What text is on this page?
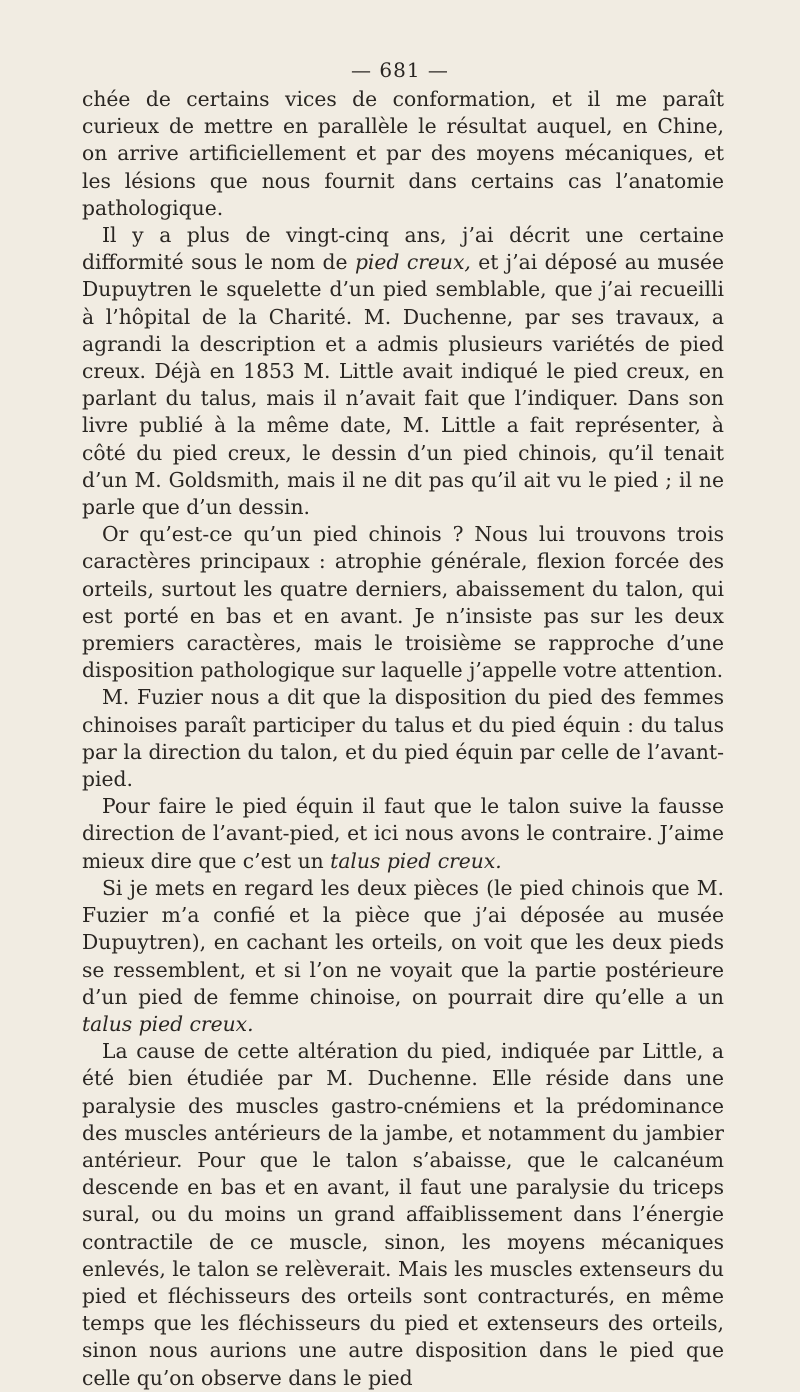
— 681 —

chée de certains vices de conformation, et il me paraît curieux de mettre en parallèle le résultat auquel, en Chine, on arrive artificiellement et par des moyens mécaniques, et les lésions que nous fournit dans certains cas l’anatomie pathologique.

Il y a plus de vingt-cinq ans, j’ai décrit une certaine difformité sous le nom de pied creux, et j’ai déposé au musée Dupuytren le squelette d’un pied semblable, que j’ai recueilli à l’hôpital de la Charité. M. Duchenne, par ses travaux, a agrandi la description et a admis plusieurs variétés de pied creux. Déjà en 1853 M. Little avait indiqué le pied creux, en parlant du talus, mais il n’avait fait que l’indiquer. Dans son livre publié à la même date, M. Little a fait représenter, à côté du pied creux, le dessin d’un pied chinois, qu’il tenait d’un M. Goldsmith, mais il ne dit pas qu’il ait vu le pied ; il ne parle que d’un dessin.

Or qu’est-ce qu’un pied chinois ? Nous lui trouvons trois caractères principaux : atrophie générale, flexion forcée des orteils, surtout les quatre derniers, abaissement du talon, qui est porté en bas et en avant. Je n’insiste pas sur les deux premiers caractères, mais le troisième se rapproche d’une disposition pathologique sur laquelle j’appelle votre attention.

M. Fuzier nous a dit que la disposition du pied des femmes chinoises paraît participer du talus et du pied équin : du talus par la direction du talon, et du pied équin par celle de l’avant-pied.

Pour faire le pied équin il faut que le talon suive la fausse direction de l’avant-pied, et ici nous avons le contraire. J’aime mieux dire que c’est un talus pied creux.

Si je mets en regard les deux pièces (le pied chinois que M. Fuzier m’a confié et la pièce que j’ai déposée au musée Dupuytren), en cachant les orteils, on voit que les deux pieds se ressemblent, et si l’on ne voyait que la partie postérieure d’un pied de femme chinoise, on pourrait dire qu’elle a un talus pied creux.

La cause de cette altération du pied, indiquée par Little, a été bien étudiée par M. Duchenne. Elle réside dans une paralysie des muscles gastro-cnémiens et la prédominance des muscles antérieurs de la jambe, et notamment du jambier antérieur. Pour que le talon s’abaisse, que le calcanéum descende en bas et en avant, il faut une paralysie du triceps sural, ou du moins un grand affaiblissement dans l’énergie contractile de ce muscle, sinon, les moyens mécaniques enlevés, le talon se relèverait. Mais les muscles extenseurs du pied et fléchisseurs des orteils sont contracturés, en même temps que les fléchisseurs du pied et extenseurs des orteils, sinon nous aurions une autre disposition dans le pied que celle qu’on observe dans le pied
